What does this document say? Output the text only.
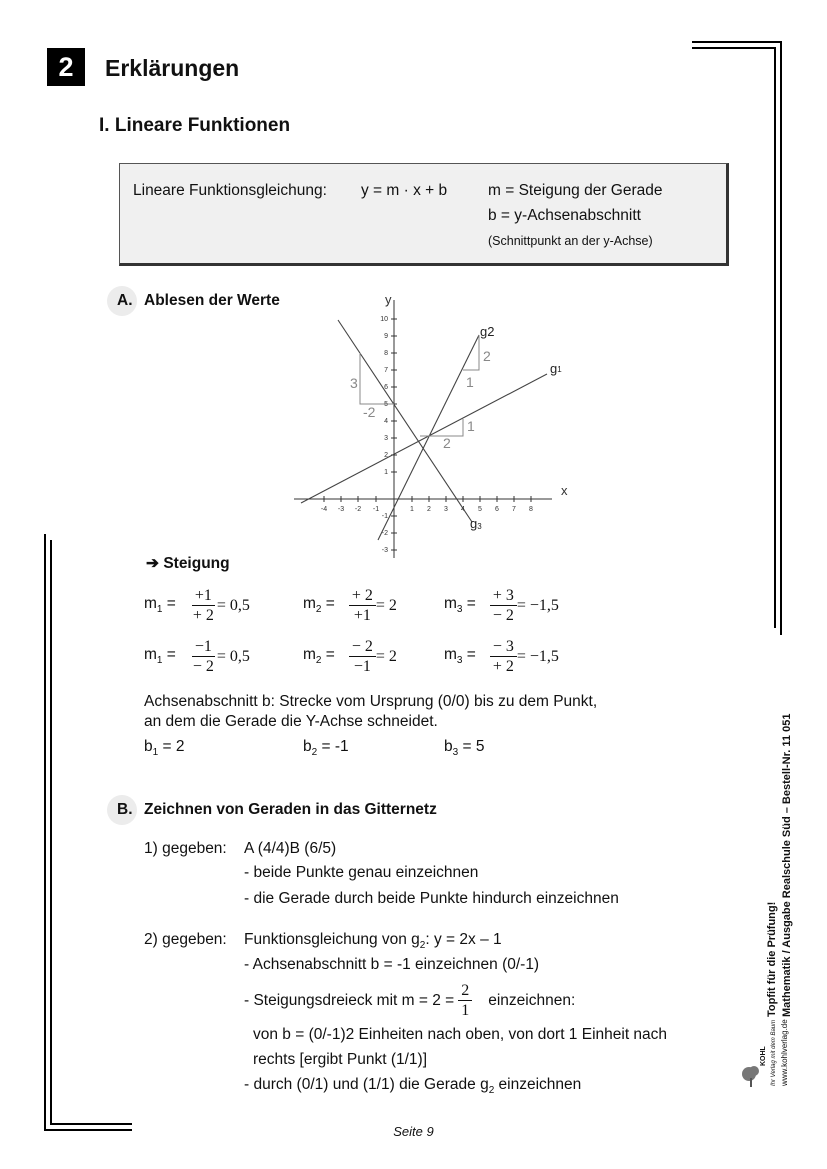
2	Erklärungen
I. Lineare Funktionen
Lineare Funktionsgleichung: y = m · x + b	m = Steigung der Gerade
b = y-Achsenabschnitt
(Schnittpunkt an der y-Achse)
A. Ablesen der Werte
-4 -3 -2 -1	1 2 3 4 5 6 7 8
10
9
8
7
6
5
4
3
2
1
-1
-2
-3
y
x
1
2
2
1
3
-2
g2
g1
g3
➔ Steigung
$m_1 = \frac{+1}{+ 2} = 0,5$	$m_2 = \frac{+ 2}{+1} = 2$	$m_3 = \frac{+ 3}{- 2} = -1,5$
$m_1 = \frac{-1}{- 2} = 0,5$	$m_2 = \frac{- 2}{-1} = 2$	$m_3 = \frac{- 3}{+ 2} = -1,5$
Achsenabschnitt b: Strecke vom Ursprung (0/0) bis zu dem Punkt,
an dem die Gerade die Y-Achse schneidet.
$b_1 = 2$	$b_2 = -1$	$b_3 = 5$
B. Zeichnen von Geraden in das Gitternetz
1) gegeben: A (4/4)B (6/5)
- beide Punkte genau einzeichnen
- die Gerade durch beide Punkte hindurch einzeichnen
2) gegeben: Funktionsgleichung von $g_2$: y = 2x – 1
- Achsenabschnitt b = -1 einzeichnen (0/-1)
- Steigungsdreieck mit $m = 2 = \frac{2}{1}$ einzeichnen:
von b = (0/-1)2 Einheiten nach oben, von dort 1 Einheit nach
rechts [ergibt Punkt (1/1)]
- durch (0/1) und (1/1) die Gerade $g_2$ einzeichnen
Seite 9
Topfit für die Prüfung! Mathematik / Ausgabe Realschule Süd – Bestell-Nr. 11 051
www.kohlverlag.de
Ihr Verlag mit dem Baum
KOHL
